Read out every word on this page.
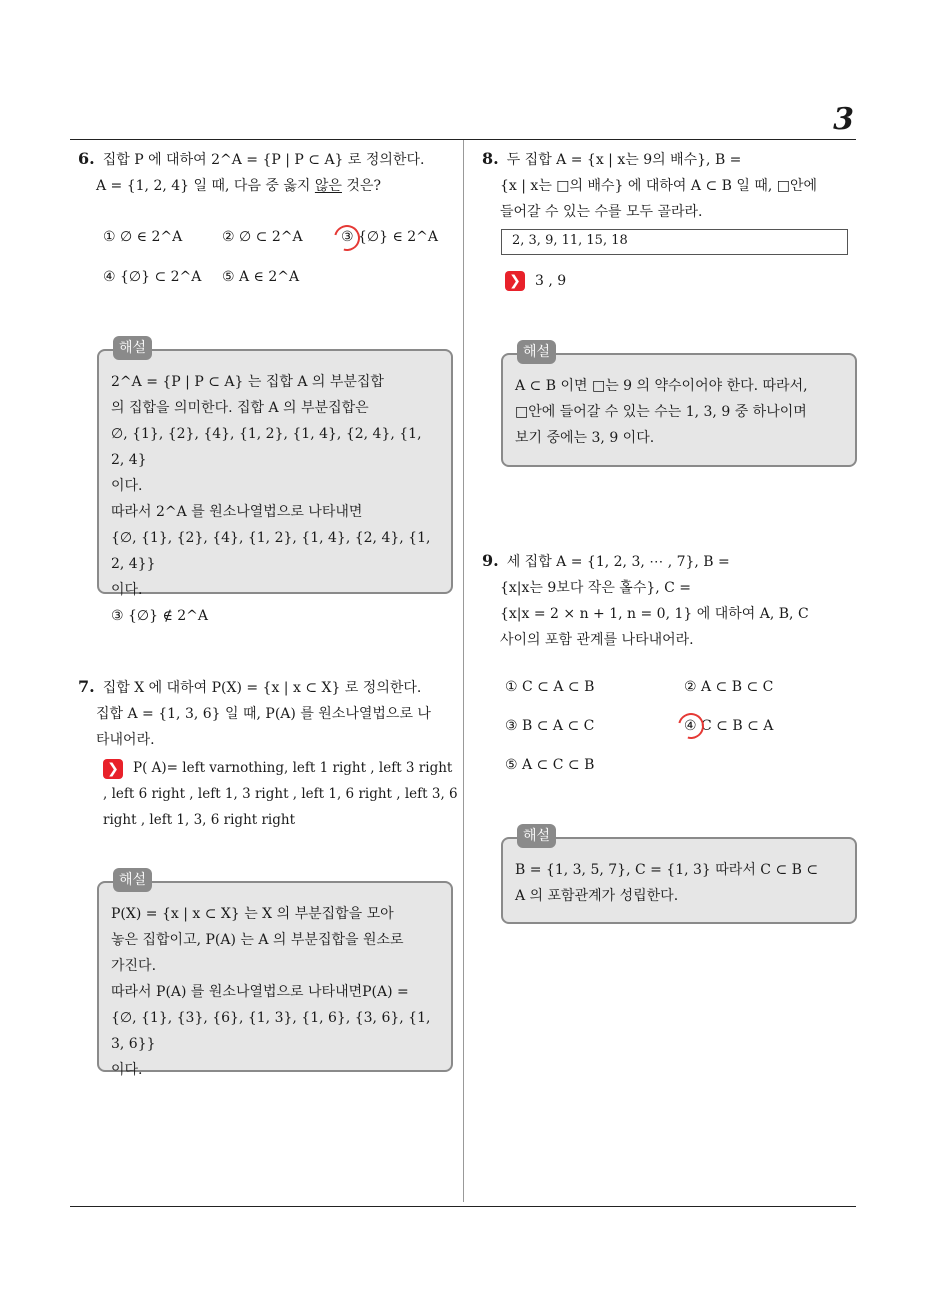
3
6. 집합 P 에 대하여 2^A = {P | P ⊂ A} 로 정의한다.
A = {1, 2, 4} 일 때, 다음 중 옳지 않은 것은?
① ∅ ∈ 2^A	② ∅ ⊂ 2^A	③ {∅} ∈ 2^A
④ {∅} ⊂ 2^A ⑤ A ∈ 2^A
해설

2^A = {P | P ⊂ A} 는 집합 A 의 부분집합

의 집합을 의미한다. 집합 A 의 부분집합은

∅, {1}, {2}, {4}, {1, 2}, {1, 4}, {2, 4}, {1, 2, 4}

이다.

따라서 2^A 를 원소나열법으로 나타내면

{∅, {1}, {2}, {4}, {1, 2}, {1, 4}, {2, 4}, {1, 2, 4}}

이다.

③ {∅} ∉ 2^A

7. 집합 X 에 대하여 P(X) = {x | x ⊂ X} 로 정의한다.
집합 A = {1, 3, 6} 일 때, P(A) 를 원소나열법으로 나
타내어라.
❯ P( A)= left varnothing, left 1 right , left 3 right
, left 6 right , left 1, 3 right , left 1, 6 right , left 3, 6
right , left 1, 3, 6 right right
해설

P(X) = {x | x ⊂ X} 는 X 의 부분집합을 모아

놓은 집합이고, P(A) 는 A 의 부분집합을 원소로

가진다.

따라서 P(A) 를 원소나열법으로 나타내면P(A) =

{∅, {1}, {3}, {6}, {1, 3}, {1, 6}, {3, 6}, {1, 3, 6}}

이다.

8. 두 집합 A = {x | x는 9의 배수}, B =
{x | x는 □의 배수} 에 대하여 A ⊂ B 일 때, □안에
들어갈 수 있는 수를 모두 골라라.
2, 3, 9, 11, 15, 18
❯ 3 , 9
해설

A ⊂ B 이면 □는 9 의 약수이어야 한다. 따라서,

□안에 들어갈 수 있는 수는 1, 3, 9 중 하나이며

보기 중에는 3, 9 이다.

9. 세 집합 A = {1, 2, 3, ⋯ , 7}, B =
{x|x는 9보다 작은 홀수}, C =
{x|x = 2 × n + 1, n = 0, 1} 에 대하여 A, B, C
사이의 포함 관계를 나타내어라.
① C ⊂ A ⊂ B	② A ⊂ B ⊂ C
③ B ⊂ A ⊂ C	④ C ⊂ B ⊂ A
⑤ A ⊂ C ⊂ B
해설

B = {1, 3, 5, 7}, C = {1, 3} 따라서 C ⊂ B ⊂

A 의 포함관계가 성립한다.
